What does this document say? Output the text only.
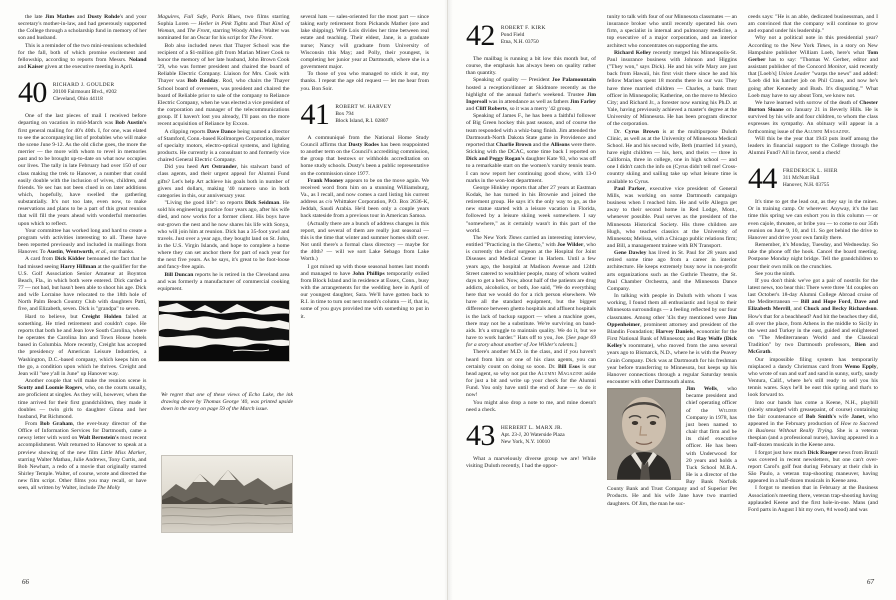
the late Jim Mathes and Dusty Rohde's and your secretary's mother-in-law, and had generously supported the College through a scholarship fund in memory of her son and husband.

This is a reminder of the two mini-reunions scheduled for the fall, both of which promise excitement and fellowship, according to reports from Messrs. Noland and Kaiser given at the executive meeting in April.

40 RICHARD J. GOULDER
20100 Fairmount Blvd., #202
Cleveland, Ohio 44118

One of the last pieces of mail I received before departing on vacation in mid-March was Bob Austin's first general mailing for 40's 40th. I, for one, was elated to see the accompanying list of probables who will make the scene June 9-12. As the old cliche goes, the more the merrier — the more with whom to revel in memories past and to be brought up-to-date on what now occupies our lives. The tally in late February had over 150 of our class making the trek to Hanover, a number that could easily double with the inclusion of wives, children, and friends. Ye sec has not been clued in on later additions which, hopefully, have swelled the gathering substantially. It's not too late, even now, to make reservations and plans to be a part of this great reunion that will fill the years ahead with wonderful memories upon which to reflect.

Your committee has worked long and hard to create a program with activities interesting to all. These have been reported previously and included in mailings from Hanover. To Austin, Wentworth, et al., our thanks.

A card from Dick Kidder bemoaned the fact that he had missed seeing Harry Hillman at the qualifier for the U.S. Golf Association Senior Amateur at Boynton Beach, Fla., in which both were entered. Dick carded a 77 — not bad, but hasn't been able to shoot his age. Dick and wife Lorraine have relocated to the 18th hole of North Palm Beach Country Club with daughters Patti, five, and Elizabeth, seven. Dick is "grandpa" to seven.

Hard to believe, but Creight Holden failed at something. He tried retirement and couldn't cope. He reports that both he and Jean love South Carolina, where he operates the Carolina Inn and Town House hotels based in Columbia. More recently, Creight has accepted the presidency of American Leisure Industries, a Washington, D.C.-based company, which keeps him on the go, a condition upon which he thrives. Creight and Jean will "see y'all in June" up Hanover way.

Another couple that will make the reunion scene is Scotty and Loomie Rogers, who, on the courts usually, are proficient at singles. As they will, however, when the time arrived for their first grandchildren, they made it doubles — twin girls to daughter Ginna and her husband, Pat Richmond.

From Bob Graham, the ever-busy director of the Office of Information Services for Dartmouth, came a newsy letter with word on Walt Bernstein's most recent accomplishment. Walt returned to Hanover to speak at a preview showing of the new film Little Miss Marker, starring Walter Mathau, Julie Andrews, Tony Curtis, and Bob Newhart, a redo of a movie that originally starred Shirley Temple. Walter, of course, wrote and directed the new film script. Other films you may recall, or have seen, all written by Walter, include The Molly

Maguires, Fail Safe, Paris Blues, two films starring Sophia Loren — Heller in Pink Tights and That Kind of Woman, and The Front, starring Woody Allen. Walter was nominated for an Oscar for his script for The Front.

Bob also included news that Thayer School was the recipient of a $1-million gift from Marian Miner Cook to honor the memory of her late husband, John Brown Cook '29, who was former president and chaired the board of Reliable Electric Company. Liaison for Mrs. Cook with Thayer was Bob Rodday. Rod, who chairs the Thayer School board of overseers, was president and chaired the board of Reliable prior to sale of the company to Reliance Electric Company, when he was elected a vice president of the corporation and manager of the telecommunications group. If I haven't lost you already, I'll pass on the more recent acquisition of Reliance by Exxon.

A clipping reports Dave Dance being named a director of Stamford, Conn.-based Kollmorgen Corporation, maker of specialty motors, electro-optical systems, and lighting products. He currently is a consultant to and formerly vice chaired General Electric Company.

Did you heed Art Ostrander, his stalwart band of class agents, and their urgent appeal for Alumni Fund gifts? Let's help Art achieve his goals both in number of givers and dollars, making '40 numero uno in both categories in this, our anniversary year.

"Living the good life": so reports Dick Seidman. He sold his engineering practice four years ago, after his wife died, and now works for a former client. His boys have out-grown the nest and he now shares his life with Sonya, who will join him at reunion. Dick has a 35-foot yawl and travels. Just over a year ago, they bought land on St. John, in the U.S. Virgin Islands, and hope to complete a home where they can set anchor there for part of each year for the next five years. As he says, it's great to be foot-loose and fancy-free again.

Bill Duncan reports he is retired in the Cleveland area and was formerly a manufacturer of commercial cooking equipment.

several hats — sales-oriented for the most part — since taking early retirement from Pickands Mather (ore and lake shipping). Wife Lois divides her time between real estate and teaching. Their eldest, Jane, is a graduate nurse; Nancy will graduate from University of Wisconsin this May; and Polly, their youngest, is completing her junior year at Dartmouth, where she is a government major.

To those of you who managed to stick it out, my thanks. I repeat the age old request — let me hear from you. Bon Soir.

41 ROBERT W. HARVEY
Box 794
Block Island, R.I. 02807

A communiqué from the National Home Study Council affirms that Dusty Rodes has been reappointed to another term on the Council's accrediting commission, the group that bestows or withholds accreditation on home study schools. Dusty's been a public representative on the commission since 1977.

Frank Mooney appears to be on the move again. We received word from him on a stunning Williamsburg, Va., as I recall, and now comes a card listing his current address as c/o Whittaker Corporation, P.O. Box 2636-K, Jeddah, Saudi Arabia. He'd been only a couple years back stateside from a previous tour in American Samoa.

(Actually there are a bunch of address changes in this report, and several of them are really just seasonal — this is the time that winter and summer homes shift over. Not until there's a formal class directory — maybe for the 40th? — will we sort Lake Sebago from Lake Worth.)

I got mixed up with those seasonal homes last month and managed to have John Phillips temporarily exiled from Block Island and in residence at Essex, Conn., busy with the arrangements for the wedding here in April of our youngest daughter, Sara. We'll have gotten back to R.I. in time to turn out next month's column — if, that is, some of you guys provided me with something to put in it.

We regret that one of these views of Echo Lake, the ink drawing above by Thomas George '40, was printed upside down in the story on page 59 of the March issue.
66
42 ROBERT F. KIRK
Pond Field
Etna, N.H. 03750

The mailbag is running a bit low this month but, of course, the emphasis has always been on quality rather than quantity.

Speaking of quality — President Joe Palamountain hosted a reception/dinner at Skidmore recently as the highlight of the annual father's weekend. Trustee Jim Ingersoll was in attendance as well as fathers Jim Farley and Cliff Roberts, so it was a merry '42 group.

Speaking of James F., he has been a faithful follower of Big Green hockey this past season, and of course the team responded with a whiz-bang finish. Jim attended the Dartmouth-North Dakota State game in Providence and reported that Charlie Brown and the Allisons were there. Sticking with the DCAC, some time back I reported on Dick and Peggy Rogan's daughter Kate '83, who was off to a remarkable start on the women's varsity tennis team. I can now report her continuing good show, with 13-0 marks in the won-lost department.

George Hinkley reports that after 27 years at Eastman Kodak, he has turned in his Brownie and joined the retirement group. He says it's the only way to go, as the new statue started with a leisure vacation in Florida, followed by a leisure skiing week somewhere. I say "somewhere," as it certainly wasn't in this part of the world.

The New York Times carried an interesting interview, entitled "Practicing in the Ghetto," with Joe Wilder, who is currently the chief surgeon at the Hospital for Joint Diseases and Medical Center in Harlem. Until a few years ago, the hospital at Madison Avenue and 124th Street catered to wealthier people, many of whom waited days to get a bed. Now, about half of the patients are drug addicts, alcoholics, or both, Joe said, "We do everything here that we would do for a rich person elsewhere. We have all the standard equipment, but the biggest difference between ghetto hospitals and affluent hospitals is the lack of backup support — when a machine goes, there may not be a substitute. We're surviving on band-aids. It's a struggle to maintain quality. We do it, but we have to work harder." Hats off to you, Joe. [See page 69 for a story about another of Joe Wilder's talents.]

There's another M.D. in the class, and if you haven't heard from him or one of his class agents, you can certainly count on doing so soon. Dr. Bill Esos is our head agent, so why not put the Alumni Magazine aside for just a bit and write up your check for the Alumni Fund. You only have until the end of June — so do it now!

You might also drop a note to me, and mine doesn't need a check.

43 HERBERT L. MARX JR.
Apt. 23-J, 20 Waterside Plaza
New York, N.Y. 10010

What a marvelously diverse group we are! While visiting Duluth recently, I had the oppor-

tunity to talk with four of our Minnesota classmates — an insurance broker who until recently operated his own firm, a specialist in internal and pulmonary medicine, a top executive of a major corporation, and an interior architect who concentrates on supporting the arts.

Richard Kelley recently merged his Minneapolis-St. Paul insurance business with Johnson and Higgins ("They won," says Dick). He and his wife Mary are just back from Hawaii, his first visit there since he and his fellow Marines spent 18 months there in our war. They have three married children — Charles, a bank trust officer in Minneapolis; Katherine, on the move to Mexico City; and Richard Jr., a forester now earning his Ph.D. at Yale, having previously achieved a master's degree at the University of Minnesota. He has been program director of the corporation.

Dr. Cyrus Brown is at the multipurpose Duluth Clinic, as well as at the University of Minnesota Medical School. He and his second wife, Beth (married 14 years), have eight children — his, hers, and theirs — three in California, three in college, one in high school — and one I didn't catch the info on (Cyrus didn't tell me! Cross-country skiing and sailing take up what leisure time is available to Cyrus.

Paul Parker, executive vice president of General Mills, was working on some Dartmouth campaign business when I reached him. He and wife Allegra get away to their second home in Red Lodge, Mont., whenever possible. Paul serves as the president of the Minnesota Historical Society. His three children are Hugh, who teaches classics at the University of Minnesota; Melissa, with a Chicago public relations firm; and Bill, a management trainee with BN Transport.

Gene Dawley has lived in St. Paul for 28 years and retired some time ago from a career in interior architecture. He keeps extremely busy now in non-profit arts organizations such as the Guthrie Theatre, the St. Paul Chamber Orchestra, and the Minnesota Dance Company.

In talking with people in Duluth with whom I was working, I found them all enthusiastic and loyal to their Minnesota surroundings — a feeling reflected by our four classmates. Among other '43s they mentioned were Jim Oppenheimer, prominent attorney and president of the Blandin Foundation; Harvey Daniels, economist for the First National Bank of Minnesota; and Ray Wolfe (Dick Kelley's roommate), who moved from the area several years ago to Bismarck, N.D., where he is with the Peavey Grain Company. Dick was at Dartmouth for his freshman year before transferring to Minnesota, but keeps up his Hanover connections through a regular Saturday tennis encounter with other Dartmouth alums.

Jim Wells, who became president and chief operating officer of the Wilder Company in 1978, has just been named to chair that firm and be its chief executive officer. He has been with Underwood for 20 years and holds a Tuck School M.B.A. He is a director of the Bay Bank Norfolk County Bank and Trust Company and of Superior Pet Products. He and his wife Jane have two married daughters. Of Jim, the man he suc-

ceeds says: "He is an able, dedicated businessman, and I am convinced that the company will continue to grow and expand under his leadership."

Why not a political note in this presidential year? According to the New York Times, in a story on New Hampshire publisher William Loeb, here's what Tom Gerber has to say: "Thomas W. Gerber, editor and assistant publisher of the Concord Monitor, said recently that [Loeb's] Union Leader "warps the news" and added: 'Loeb did his hatchet job on Phil Crane, and now he's going after Kennedy and Bush. It's disgusting.'" What Loeb may have to say about Tom, we know not.

We have learned with sorrow of the death of Chester Burton Sloane on January 21 in Beverly Hills. He is survived by his wife and four children, to whom the class expresses its sympathy. An obituary will appear in a forthcoming issue of the Alumni Magazine.

Will this be the year that 1943 puts itself among the leaders in financial support to the College through the Alumni Fund? All in favor, send a check!

44 FREDERICK L. HIER
311 McNutt Hall
Hanover, N.H. 03755

It's time to get the lead out, as they say in the mines. Or in training camp. Or wherever. Anyway, it's the last time this spring we can exhort you in this column — or even cajole, threaten, or bribe you — to come to our 35th reunion on June 9, 10, and 11. So get behind the drive to Hanover and drive your own family there.

Remember, it's Monday, Tuesday, and Wednesday. So take the phone off the hook. Cancel the board meeting. Postpone Monday night bridge. Tell the grandchildren to pour their own milk on the crunchies.

See you the ninth.

If you don't think we've got a pair of nostrils for the latest news, too bear this: There were three '44 couples on last October's 18-day Alumni College Abroad cruise of the Mediterranean — Bill and Hope Ford, Dave and Elizabeth Merrill, and Chuck and Becky Richardson. How's that for a beachhead? And hit the beaches they did, all over the place, from Athens in the middle to Sicily in the west and Turkey in the east, guided and enlightened on "The Mediterranean World and the Classical Tradition" by two Dartmouth professors, Bien and McGrath.

Our impossible filing system has temporarily misplaced a dandy Christmas card from Wemo Epply, who wrote of sun and surf and sand in sunny, surfy, sandy Ventura, Calif., where he's still ready to sell you his tennis wares. Says he'll be east this spring and that's to look forward to.

Into our hands has come a Keene, N.H., playbill (nicely smudged with greasepaint, of course) containing the fair countenance of Bob Smith's wife Janet, who appeared in the February production of How to Succeed in Business Without Really Trying. She is a veteran thespian (and a professional nurse), having appeared in a half-dozen musicals in the Keene area.

I forgot just how much Dick Rueger news from Brazil was covered in recent newsletters, but one can't over-report Carol's golf feat during February at their club in São Paulo, a veteran trap-shooting maneuver, having appeared in a half-dozen musicals in Keene area.

I forgot to mention that in February at the Business Association's meeting there, veteran trap-shooting having applauded Keene and the first hole-in-one. Mans (and Ford parts in August I hit my own, #4 wood) and was

67
